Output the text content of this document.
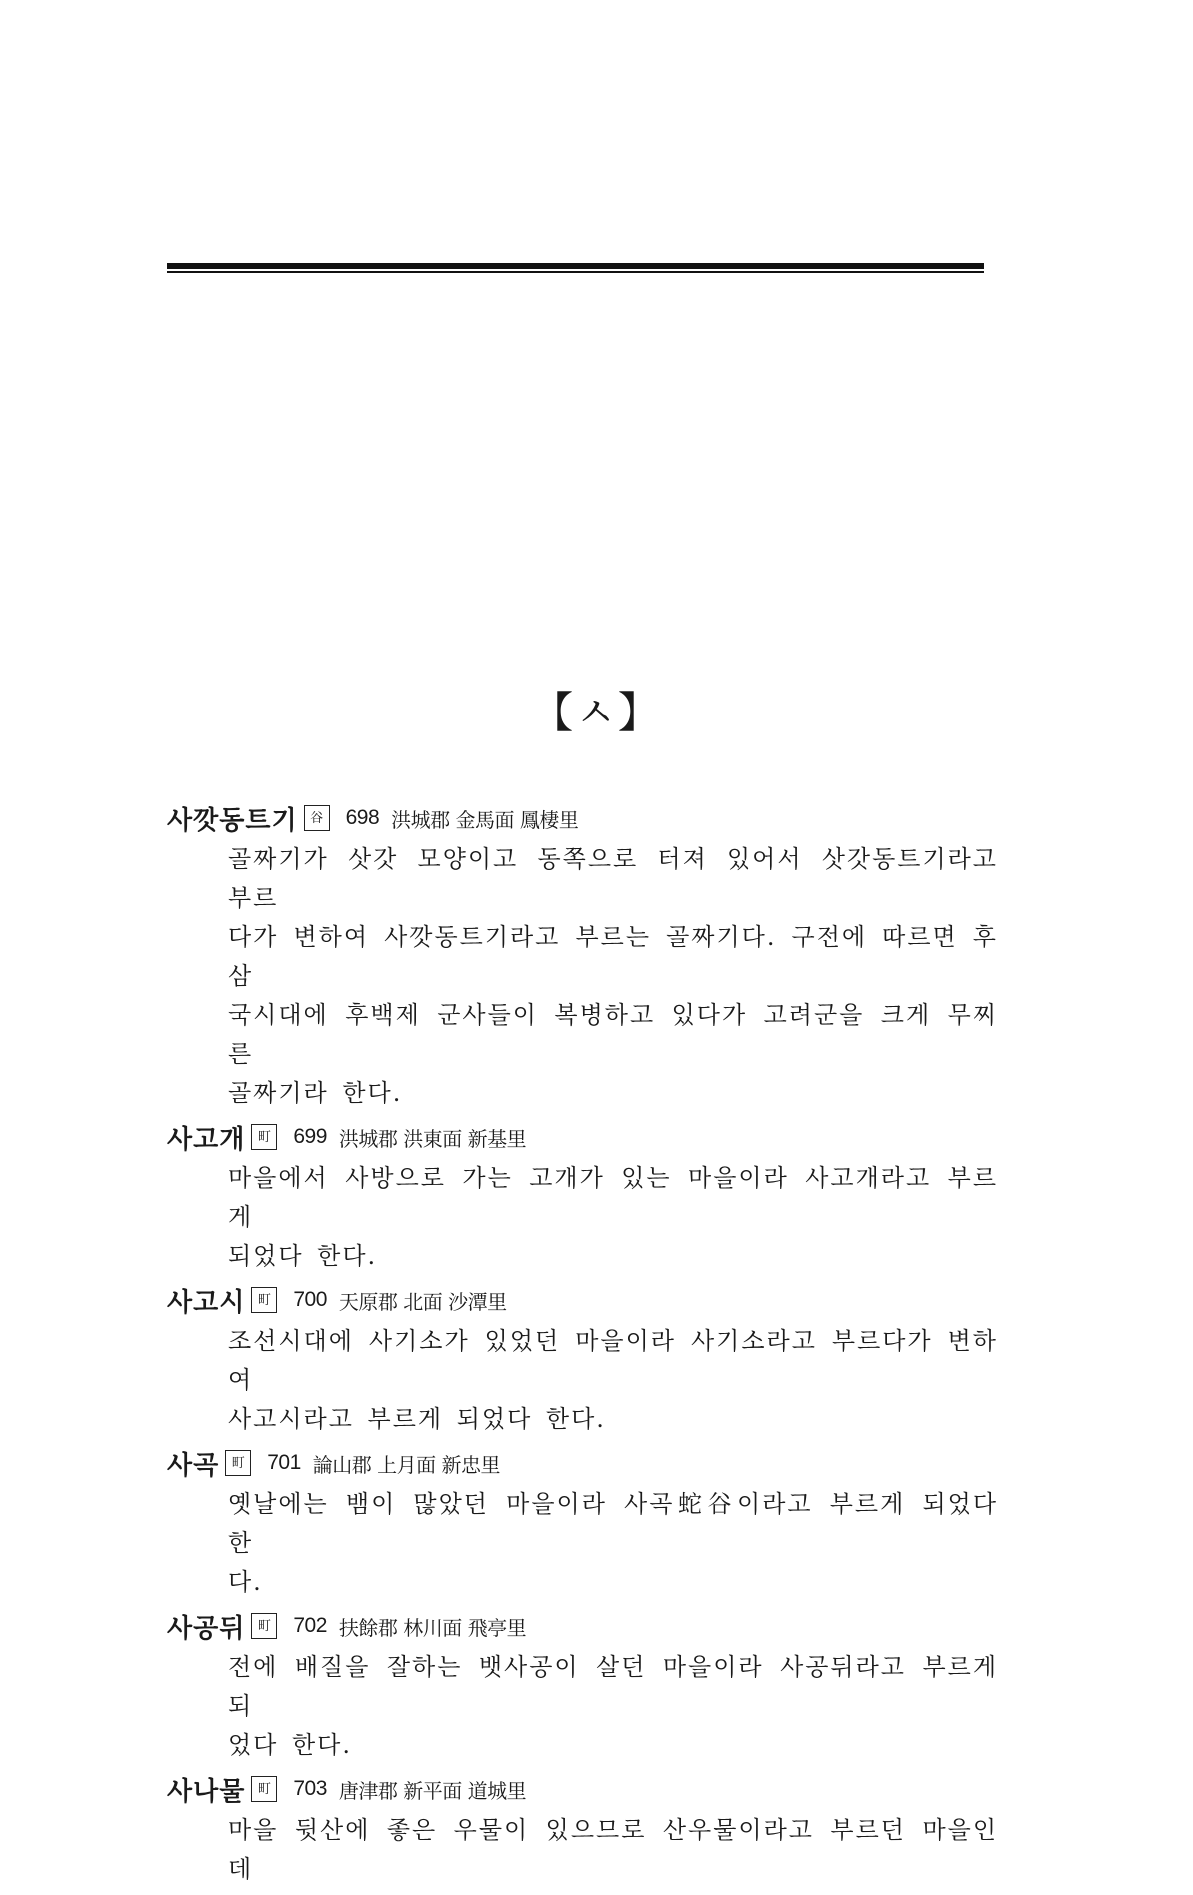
【ㅅ】
사깟동트기 谷	698 洪城郡 金馬面 鳳棲里
골짜기가 삿갓 모양이고 동쪽으로 터져 있어서 삿갓동트기라고 부르
다가 변하여 사깟동트기라고 부르는 골짜기다. 구전에 따르면 후삼
국시대에 후백제 군사들이 복병하고 있다가 고려군을 크게 무찌른
골짜기라 한다.
사고개 町	699 洪城郡 洪東面 新基里
마을에서 사방으로 가는 고개가 있는 마을이라 사고개라고 부르게
되었다 한다.
사고시 町	700 天原郡 北面 沙潭里
조선시대에 사기소가 있었던 마을이라 사기소라고 부르다가 변하여
사고시라고 부르게 되었다 한다.
사곡 町	701 論山郡 上月面 新忠里
옛날에는 뱀이 많았던 마을이라 사곡蛇谷이라고 부르게 되었다 한
다.
사공뒤 町	702 扶餘郡 林川面 飛亭里
전에 배질을 잘하는 뱃사공이 살던 마을이라 사공뒤라고 부르게 되
었다 한다.
사나물 町	703 唐津郡 新平面 道城里
마을 뒷산에 좋은 우물이 있으므로 산우물이라고 부르던 마을인데
